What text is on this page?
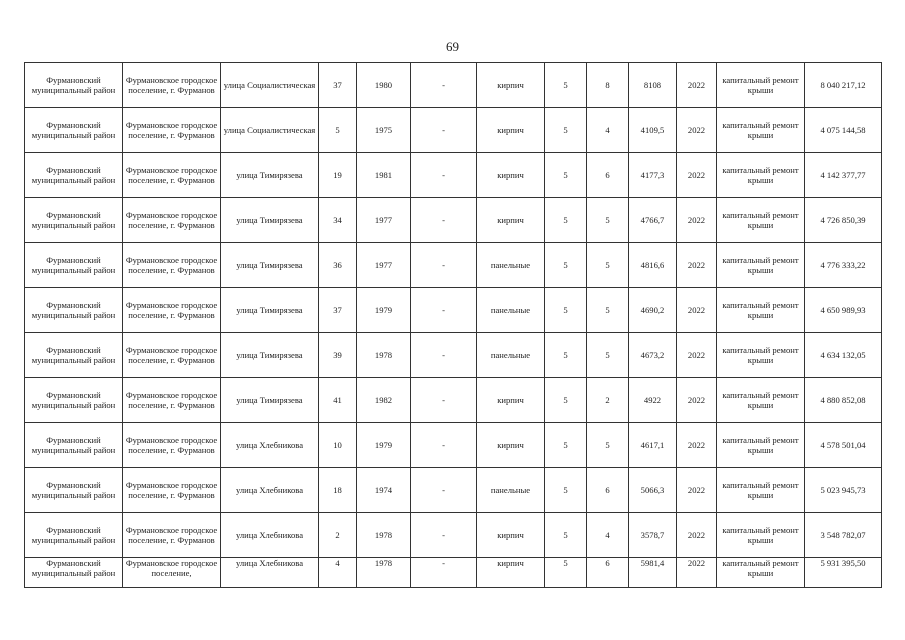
69
Фурмановский муниципальный район	Фурмановское городское поселение, г. Фурманов	улица Социалистическая	37	1980	-	кирпич	5	8	8108	2022	капитальный ремонт крыши	8 040 217,12
Фурмановский муниципальный район	Фурмановское городское поселение, г. Фурманов	улица Социалистическая	5	1975	-	кирпич	5	4	4109,5	2022	капитальный ремонт крыши	4 075 144,58
Фурмановский муниципальный район	Фурмановское городское поселение, г. Фурманов	улица Тимирязева	19	1981	-	кирпич	5	6	4177,3	2022	капитальный ремонт крыши	4 142 377,77
Фурмановский муниципальный район	Фурмановское городское поселение, г. Фурманов	улица Тимирязева	34	1977	-	кирпич	5	5	4766,7	2022	капитальный ремонт крыши	4 726 850,39
Фурмановский муниципальный район	Фурмановское городское поселение, г. Фурманов	улица Тимирязева	36	1977	-	панельные	5	5	4816,6	2022	капитальный ремонт крыши	4 776 333,22
Фурмановский муниципальный район	Фурмановское городское поселение, г. Фурманов	улица Тимирязева	37	1979	-	панельные	5	5	4690,2	2022	капитальный ремонт крыши	4 650 989,93
Фурмановский муниципальный район	Фурмановское городское поселение, г. Фурманов	улица Тимирязева	39	1978	-	панельные	5	5	4673,2	2022	капитальный ремонт крыши	4 634 132,05
Фурмановский муниципальный район	Фурмановское городское поселение, г. Фурманов	улица Тимирязева	41	1982	-	кирпич	5	2	4922	2022	капитальный ремонт крыши	4 880 852,08
Фурмановский муниципальный район	Фурмановское городское поселение, г. Фурманов	улица Хлебникова	10	1979	-	кирпич	5	5	4617,1	2022	капитальный ремонт крыши	4 578 501,04
Фурмановский муниципальный район	Фурмановское городское поселение, г. Фурманов	улица Хлебникова	18	1974	-	панельные	5	6	5066,3	2022	капитальный ремонт крыши	5 023 945,73
Фурмановский муниципальный район	Фурмановское городское поселение, г. Фурманов	улица Хлебникова	2	1978	-	кирпич	5	4	3578,7	2022	капитальный ремонт крыши	3 548 782,07
Фурмановский муниципальный район	Фурмановское городское поселение,	улица Хлебникова	4	1978	-	кирпич	5	6	5981,4	2022	капитальный ремонт крыши	5 931 395,50
